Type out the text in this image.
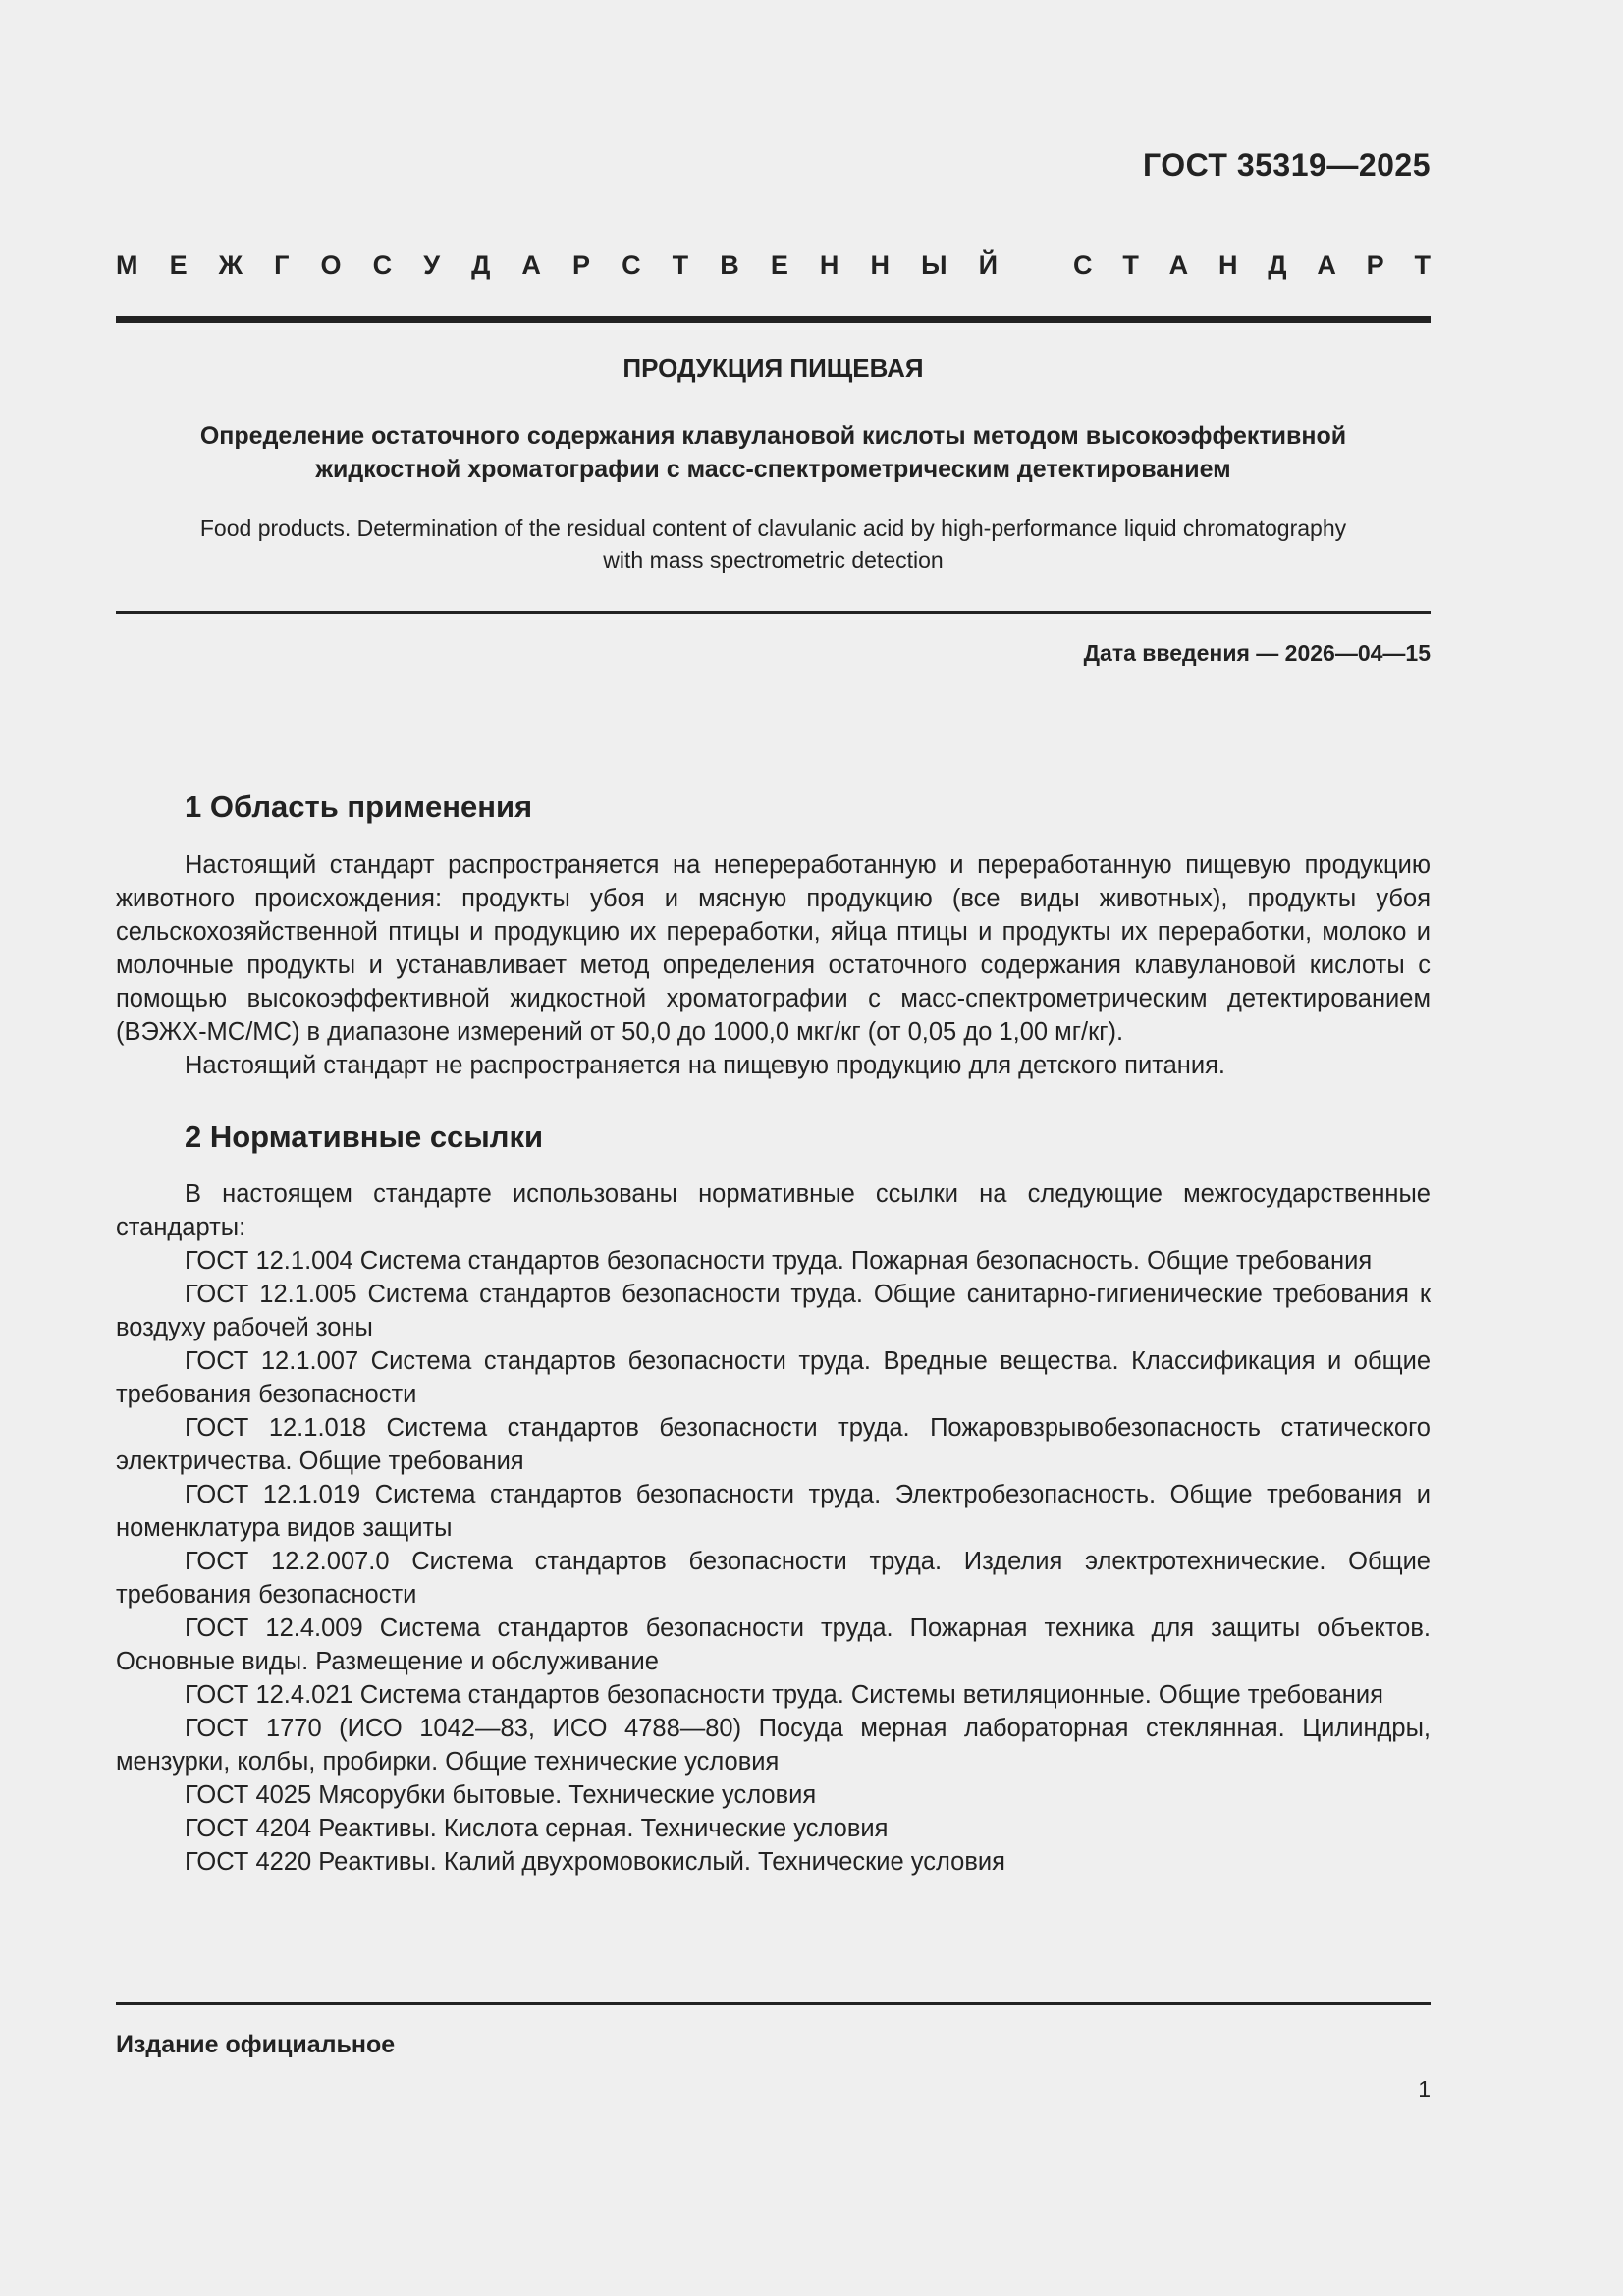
ГОСТ 35319—2025
М Е Ж Г О С У Д А Р С Т В Е Н Н Ы Й	С Т А Н Д А Р Т
ПРОДУКЦИЯ ПИЩЕВАЯ
Определение остаточного содержания клавулановой кислоты методом высокоэффективной
жидкостной хроматографии с масс-спектрометрическим детектированием
Food products. Determination of the residual content of clavulanic acid by high-performance liquid chromatography
with mass spectrometric detection
Дата введения — 2026—04—15
1 Область применения

Настоящий стандарт распространяется на непереработанную и переработанную пищевую продукцию животного происхождения: продукты убоя и мясную продукцию (все виды животных), продукты убоя сельскохозяйственной птицы и продукцию их переработки, яйца птицы и продукты их переработки, молоко и молочные продукты и устанавливает метод определения остаточного содержания клавулановой кислоты с помощью высокоэффективной жидкостной хроматографии с масс-спектрометрическим детектированием (ВЭЖХ-МС/МС) в диапазоне измерений от 50,0 до 1000,0 мкг/кг (от 0,05 до 1,00 мг/кг).

Настоящий стандарт не распространяется на пищевую продукцию для детского питания.

2 Нормативные ссылки
В настоящем стандарте использованы нормативные ссылки на следующие межгосударственные стандарты:
ГОСТ 12.1.004 Система стандартов безопасности труда. Пожарная безопасность. Общие требования
ГОСТ 12.1.005 Система стандартов безопасности труда. Общие санитарно-гигиенические требования к воздуху рабочей зоны
ГОСТ 12.1.007 Система стандартов безопасности труда. Вредные вещества. Классификация и общие требования безопасности
ГОСТ 12.1.018 Система стандартов безопасности труда. Пожаровзрывобезопасность статического электричества. Общие требования
ГОСТ 12.1.019 Система стандартов безопасности труда. Электробезопасность. Общие требования и номенклатура видов защиты
ГОСТ 12.2.007.0 Система стандартов безопасности труда. Изделия электротехнические. Общие требования безопасности
ГОСТ 12.4.009 Система стандартов безопасности труда. Пожарная техника для защиты объектов. Основные виды. Размещение и обслуживание
ГОСТ 12.4.021 Система стандартов безопасности труда. Системы ветиляционные. Общие требования
ГОСТ 1770 (ИСО 1042—83, ИСО 4788—80) Посуда мерная лабораторная стеклянная. Цилиндры, мензурки, колбы, пробирки. Общие технические условия
ГОСТ 4025 Мясорубки бытовые. Технические условия
ГОСТ 4204 Реактивы. Кислота серная. Технические условия
ГОСТ 4220 Реактивы. Калий двухромовокислый. Технические условия
Издание официальное
1
